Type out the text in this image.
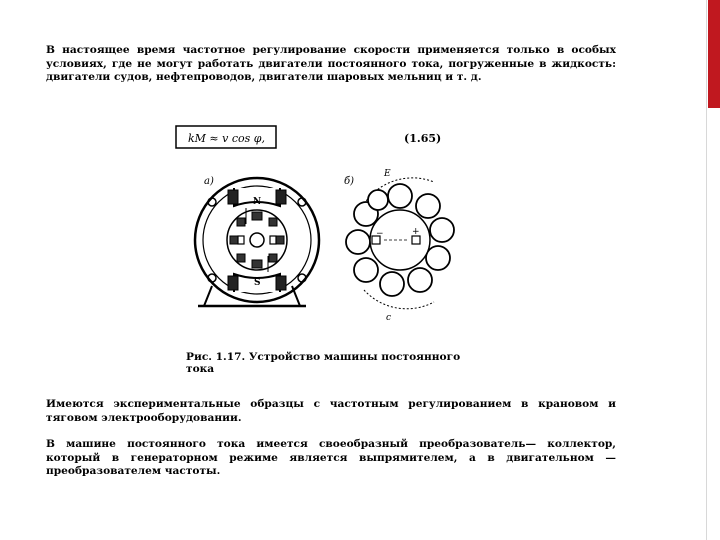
В настоящее время частотное регулирование скорости применяется только в особых условиях, где не могут работать двигатели постоянного тока, погруженные в жидкость: двигатели судов, нефтепроводов, двигатели шаровых мельниц и т. д.

kM ≈ v cos φ,	(1.65)
а)
N
S
б)
−	+
E
c

Рис. 1.17. Устройство машины постоянного тока

Имеются экспериментальные образцы с частотным регулированием в крановом и тяговом электрооборудовании.

В машине постоянного тока имеется своеобразный преобразователь— коллектор, который в генераторном режиме является выпрямителем, а в двигательном — преобразователем частоты.
